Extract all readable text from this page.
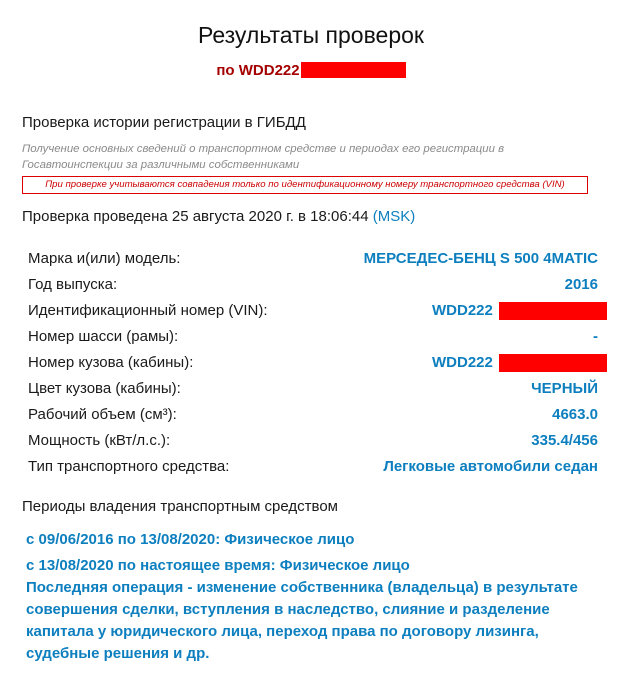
Результаты проверок
по WDD222
Проверка истории регистрации в ГИБДД
Получение основных сведений о транспортном средстве и периодах его регистрации в Госавтоинспекции за различными собственниками
При проверке учитываются совпадения только по идентификационному номеру транспортного средства (VIN)
Проверка проведена 25 августа 2020 г. в 18:06:44 (MSK)
Марка и(или) модель:	МЕРСЕДЕС-БЕНЦ S 500 4MATIC
Год выпуска:	2016
Идентификационный номер (VIN):	WDD222
Номер шасси (рамы):	-
Номер кузова (кабины):	WDD222
Цвет кузова (кабины):	ЧЕРНЫЙ
Рабочий объем (см³):	4663.0
Мощность (кВт/л.с.):	335.4/456
Тип транспортного средства:	Легковые автомобили седан
Периоды владения транспортным средством
с 09/06/2016 по 13/08/2020: Физическое лицо
с 13/08/2020 по настоящее время: Физическое лицо
Последняя операция - изменение собственника (владельца) в результате совершения сделки, вступления в наследство, слияние и разделение капитала у юридического лица, переход права по договору лизинга, судебные решения и др.
